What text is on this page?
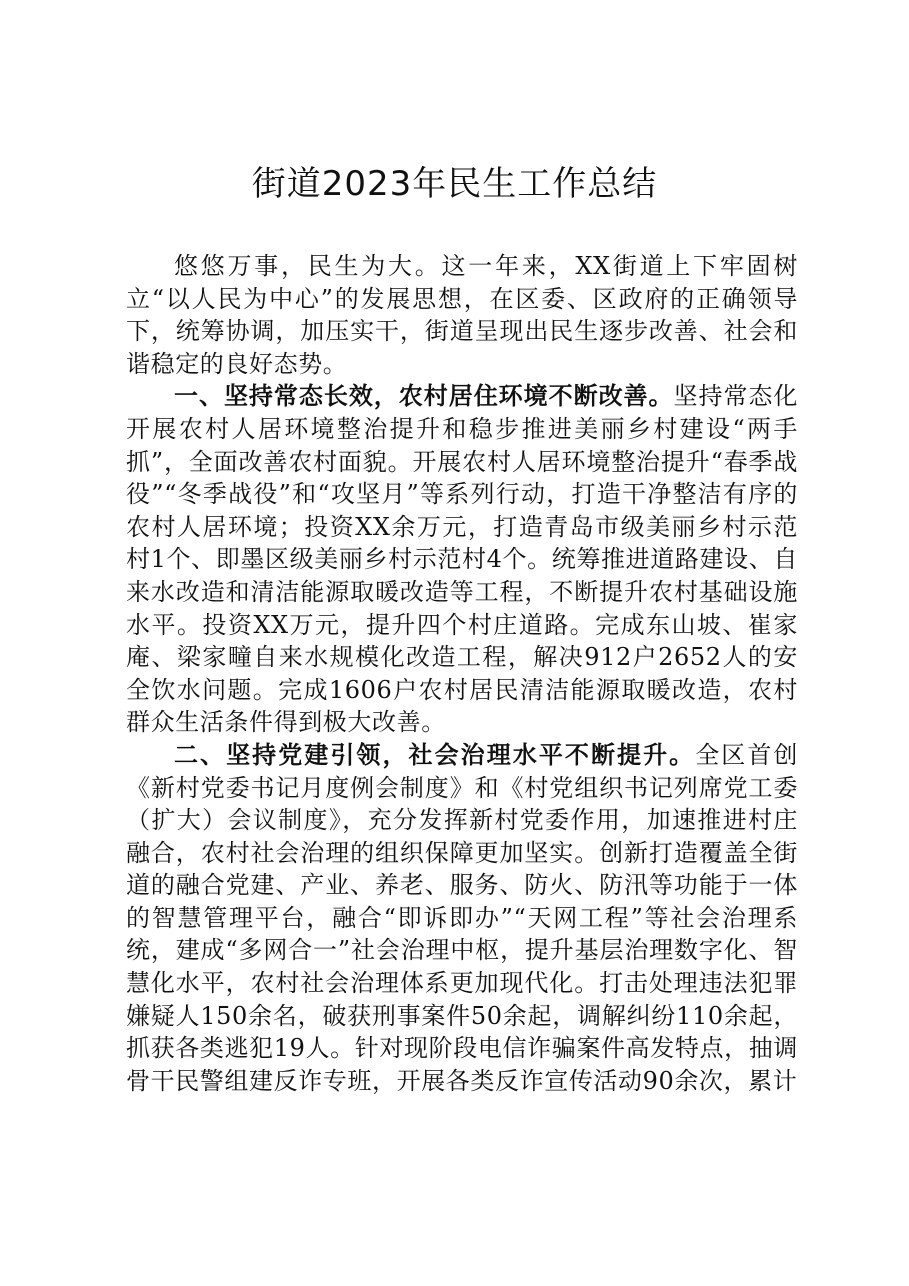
街道2023年民生工作总结

悠悠万事，民生为大。这一年来，XX街道上下牢固树立“以人民为中心”的发展思想，在区委、区政府的正确领导下，统筹协调，加压实干，街道呈现出民生逐步改善、社会和谐稳定的良好态势。

一、坚持常态长效，农村居住环境不断改善。坚持常态化开展农村人居环境整治提升和稳步推进美丽乡村建设“两手抓”，全面改善农村面貌。开展农村人居环境整治提升“春季战役”“冬季战役”和“攻坚月”等系列行动，打造干净整洁有序的农村人居环境；投资XX余万元，打造青岛市级美丽乡村示范村1个、即墨区级美丽乡村示范村4个。统筹推进道路建设、自来水改造和清洁能源取暖改造等工程，不断提升农村基础设施水平。投资XX万元，提升四个村庄道路。完成东山坡、崔家庵、梁家疃自来水规模化改造工程，解决912户2652人的安全饮水问题。完成1606户农村居民清洁能源取暖改造，农村群众生活条件得到极大改善。

二、坚持党建引领，社会治理水平不断提升。全区首创《新村党委书记月度例会制度》和《村党组织书记列席党工委（扩大）会议制度》，充分发挥新村党委作用，加速推进村庄融合，农村社会治理的组织保障更加坚实。创新打造覆盖全街道的融合党建、产业、养老、服务、防火、防汛等功能于一体的智慧管理平台，融合“即诉即办”“天网工程”等社会治理系统，建成“多网合一”社会治理中枢，提升基层治理数字化、智慧化水平，农村社会治理体系更加现代化。打击处理违法犯罪嫌疑人150余名，破获刑事案件50余起，调解纠纷110余起，抓获各类逃犯19人。针对现阶段电信诈骗案件高发特点，抽调骨干民警组建反诈专班，开展各类反诈宣传活动90余次，累计
